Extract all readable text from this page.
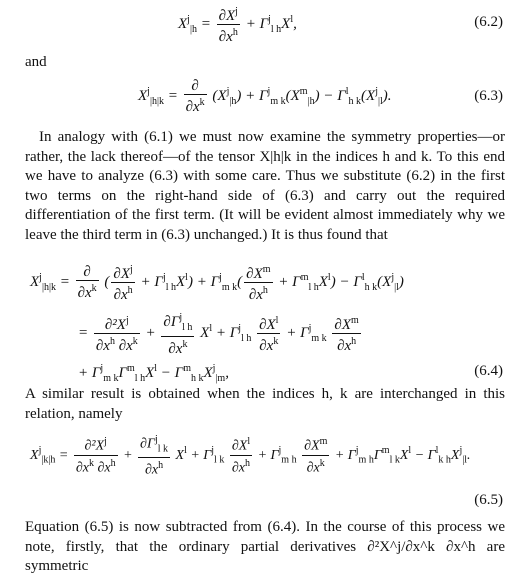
$X^j_{|h} = \frac{\partial X^j}{\partial x^h} + \Gamma^j_{l h}X^l$,	(6.2)
and
$X^j_{|h|k} = \frac{\partial}{\partial x^k} (X^j_{|h}) + \Gamma^j_{m k}(X^m_{|h}) - \Gamma^l_{h k}(X^j_{|l})$.	(6.3)
In analogy with (6.1) we must now examine the symmetry properties—or rather, the lack thereof—of the tensor X|h|k in the indices h and k. To this end we have to analyze (6.3) with some care. Thus we substitute (6.2) in the first two terms on the right-hand side of (6.3) and carry out the required differentiation of the first term. (It will be evident almost immediately why we leave the third term in (6.3) unchanged.) It is thus found that
$X^j_{|h|k} = \frac{\partial}{\partial x^k}$ ( $\frac{\partial X^j}{\partial x^h} + \Gamma^j_{l h}X^l) + \Gamma^j_{m k}( \frac{\partial X^m}{\partial x^h} + \Gamma^m_{l h}X^l) - \Gamma^l_{h k}(X^j_{|l})$
= $\frac{\partial^2X^j}{\partial x^h \partial x^k} + \frac{\partial\Gamma^j_{l h}}{\partial x^k} X^l + \Gamma^j_{l h} \frac{\partial X^l}{\partial x^k} + \Gamma^j_{m k} \frac{\partial X^m}{\partial x^h}$
+ $\Gamma^j_{m k}\Gamma^m_{l h}X^l - \Gamma^m_{h k}X^j_{|m}$,	(6.4)
A similar result is obtained when the indices h, k are interchanged in this relation, namely
$X^j_{|k|h} = \frac{\partial^2X^j}{\partial x^k \partial x^h} + \frac{\partial\Gamma^j_{l k}}{\partial x^h} X^l + \Gamma^j_{l k} \frac{\partial X^l}{\partial x^h} + \Gamma^j_{m h} \frac{\partial X^m}{\partial x^k} + \Gamma^j_{m h}\Gamma^m_{l k}X^l - \Gamma^l_{k h}X^j_{|l}$.
(6.5)
Equation (6.5) is now subtracted from (6.4). In the course of this process we note, firstly, that the ordinary partial derivatives ∂²X^j/∂x^k ∂x^h are symmetric
